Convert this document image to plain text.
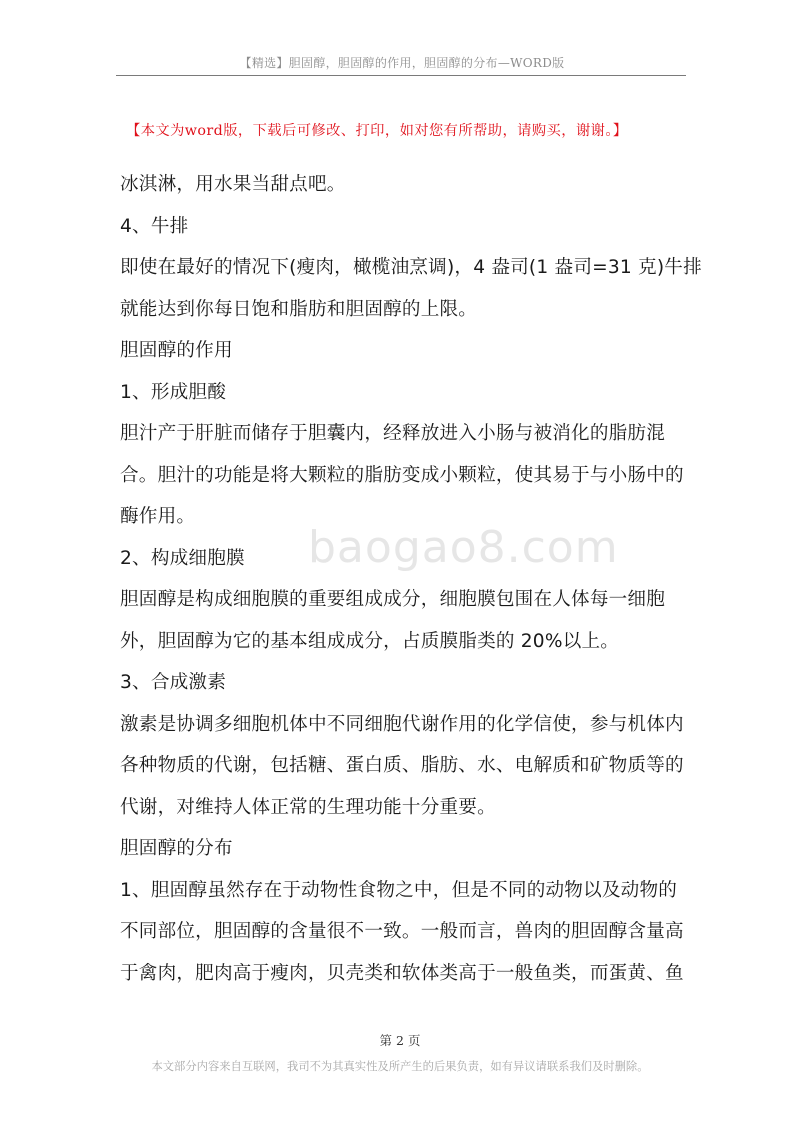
【精选】胆固醇，胆固醇的作用，胆固醇的分布—WORD版
【本文为word版，下载后可修改、打印，如对您有所帮助，请购买，谢谢。】
baogao8.com

冰淇淋，用水果当甜点吧。

4、牛排

即使在最好的情况下(瘦肉，橄榄油烹调)，4 盎司(1 盎司=31 克)牛排

就能达到你每日饱和脂肪和胆固醇的上限。

胆固醇的作用

1、形成胆酸

胆汁产于肝脏而储存于胆囊内，经释放进入小肠与被消化的脂肪混

合。胆汁的功能是将大颗粒的脂肪变成小颗粒，使其易于与小肠中的

酶作用。

2、构成细胞膜

胆固醇是构成细胞膜的重要组成成分，细胞膜包围在人体每一细胞

外，胆固醇为它的基本组成成分，占质膜脂类的 20%以上。

3、合成激素

激素是协调多细胞机体中不同细胞代谢作用的化学信使，参与机体内

各种物质的代谢，包括糖、蛋白质、脂肪、水、电解质和矿物质等的

代谢，对维持人体正常的生理功能十分重要。

胆固醇的分布

1、胆固醇虽然存在于动物性食物之中，但是不同的动物以及动物的

不同部位，胆固醇的含量很不一致。一般而言，兽肉的胆固醇含量高

于禽肉，肥肉高于瘦肉，贝壳类和软体类高于一般鱼类，而蛋黄、鱼

第 2 页
本文部分内容来自互联网，我司不为其真实性及所产生的后果负责，如有异议请联系我们及时删除。
